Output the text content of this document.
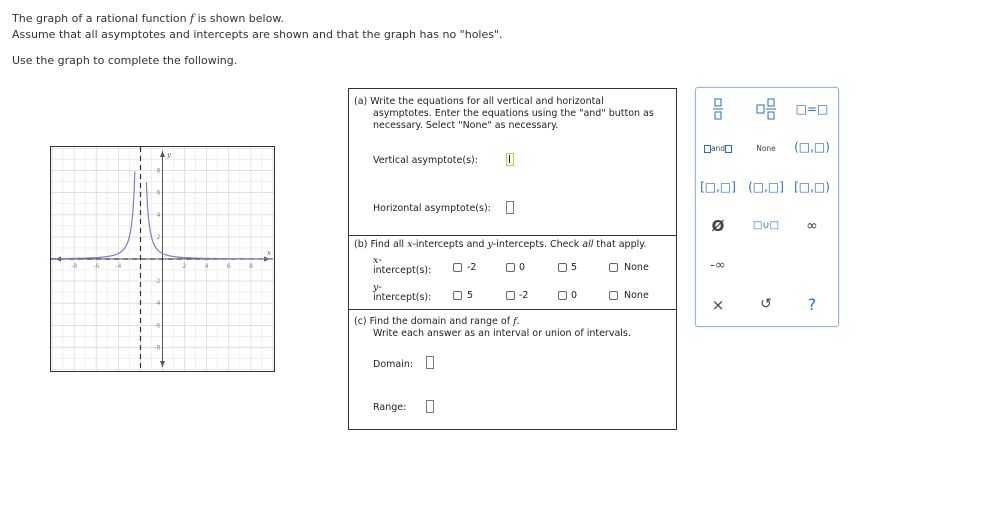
The graph of a rational function f is shown below.
Assume that all asymptotes and intercepts are shown and that the graph has no "holes".
Use the graph to complete the following.
-8	-6	-4	2	4	6	8
8
6
4
2
-2
-4
-6
-8
x
y
(a) Write the equations for all vertical and horizontal
asymptotes. Enter the equations using the "and" button as
necessary. Select "None" as necessary.
Vertical asymptote(s):
Horizontal asymptote(s):
(b) Find all x-intercepts and y-intercepts. Check all that apply.
x-
intercept(s):	-2	0	5	None
y-
intercept(s):	5	-2	0	None
(c) Find the domain and range of f.
Write each answer as an interval or union of intervals.
Domain:
Range:
□=□
and	None	(□,□)
[□,□] (□,□] [□,□)
Ø	□∪□	∞
-∞
×	↺	?
